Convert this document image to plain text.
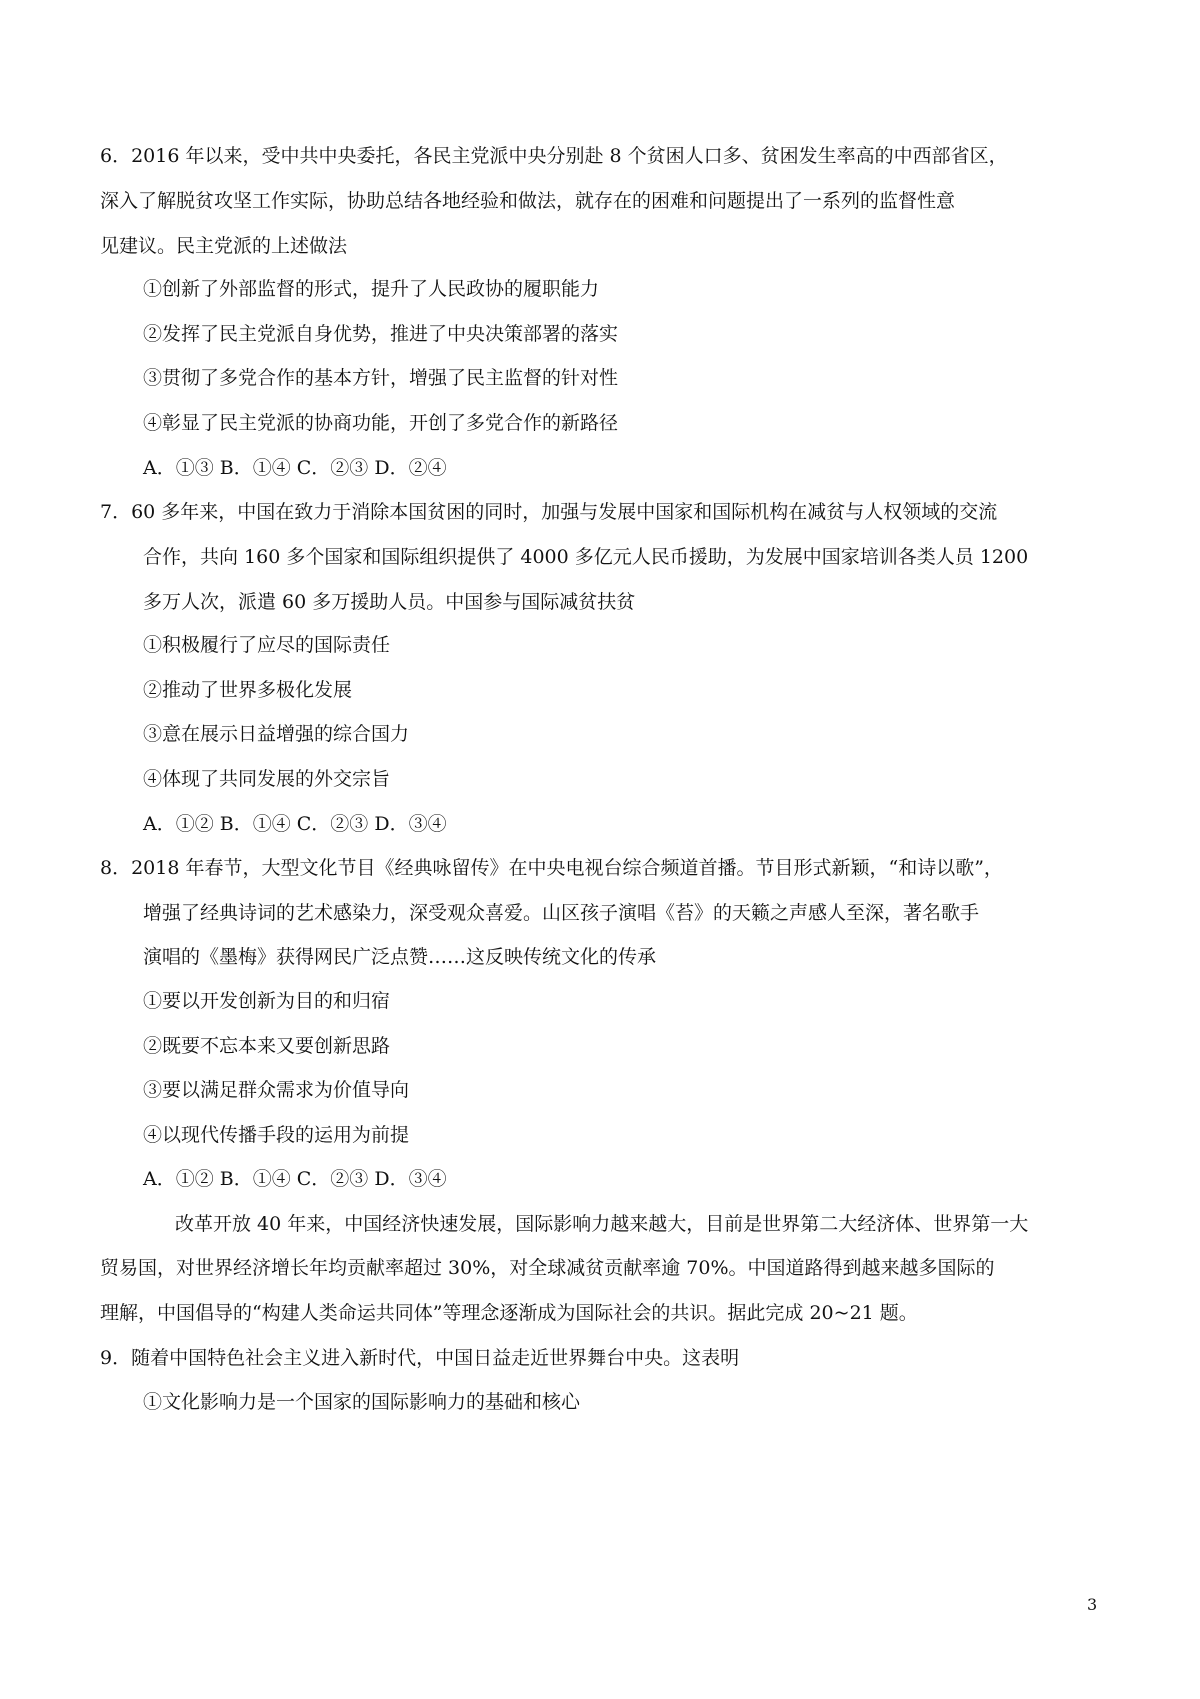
6．2016 年以来，受中共中央委托，各民主党派中央分别赴 8 个贫困人口多、贫困发生率高的中西部省区，
深入了解脱贫攻坚工作实际，协助总结各地经验和做法，就存在的困难和问题提出了一系列的监督性意
见建议。民主党派的上述做法
①创新了外部监督的形式，提升了人民政协的履职能力
②发挥了民主党派自身优势，推进了中央决策部署的落实
③贯彻了多党合作的基本方针，增强了民主监督的针对性
④彰显了民主党派的协商功能，开创了多党合作的新路径
A．①③ B．①④ C．②③ D．②④
7．60 多年来，中国在致力于消除本国贫困的同时，加强与发展中国家和国际机构在减贫与人权领域的交流
合作，共向 160 多个国家和国际组织提供了 4000 多亿元人民币援助，为发展中国家培训各类人员 1200
多万人次，派遣 60 多万援助人员。中国参与国际减贫扶贫
①积极履行了应尽的国际责任
②推动了世界多极化发展
③意在展示日益增强的综合国力
④体现了共同发展的外交宗旨
A．①② B．①④ C．②③ D．③④
8．2018 年春节，大型文化节目《经典咏留传》在中央电视台综合频道首播。节目形式新颖，“和诗以歌”，
增强了经典诗词的艺术感染力，深受观众喜爱。山区孩子演唱《苔》的天籁之声感人至深，著名歌手
演唱的《墨梅》获得网民广泛点赞……这反映传统文化的传承
①要以开发创新为目的和归宿
②既要不忘本来又要创新思路
③要以满足群众需求为价值导向
④以现代传播手段的运用为前提
A．①② B．①④ C．②③ D．③④
改革开放 40 年来，中国经济快速发展，国际影响力越来越大，目前是世界第二大经济体、世界第一大
贸易国，对世界经济增长年均贡献率超过 30%，对全球减贫贡献率逾 70%。中国道路得到越来越多国际的
理解，中国倡导的“构建人类命运共同体”等理念逐渐成为国际社会的共识。据此完成 20~21 题。
9．随着中国特色社会主义进入新时代，中国日益走近世界舞台中央。这表明
①文化影响力是一个国家的国际影响力的基础和核心
3
